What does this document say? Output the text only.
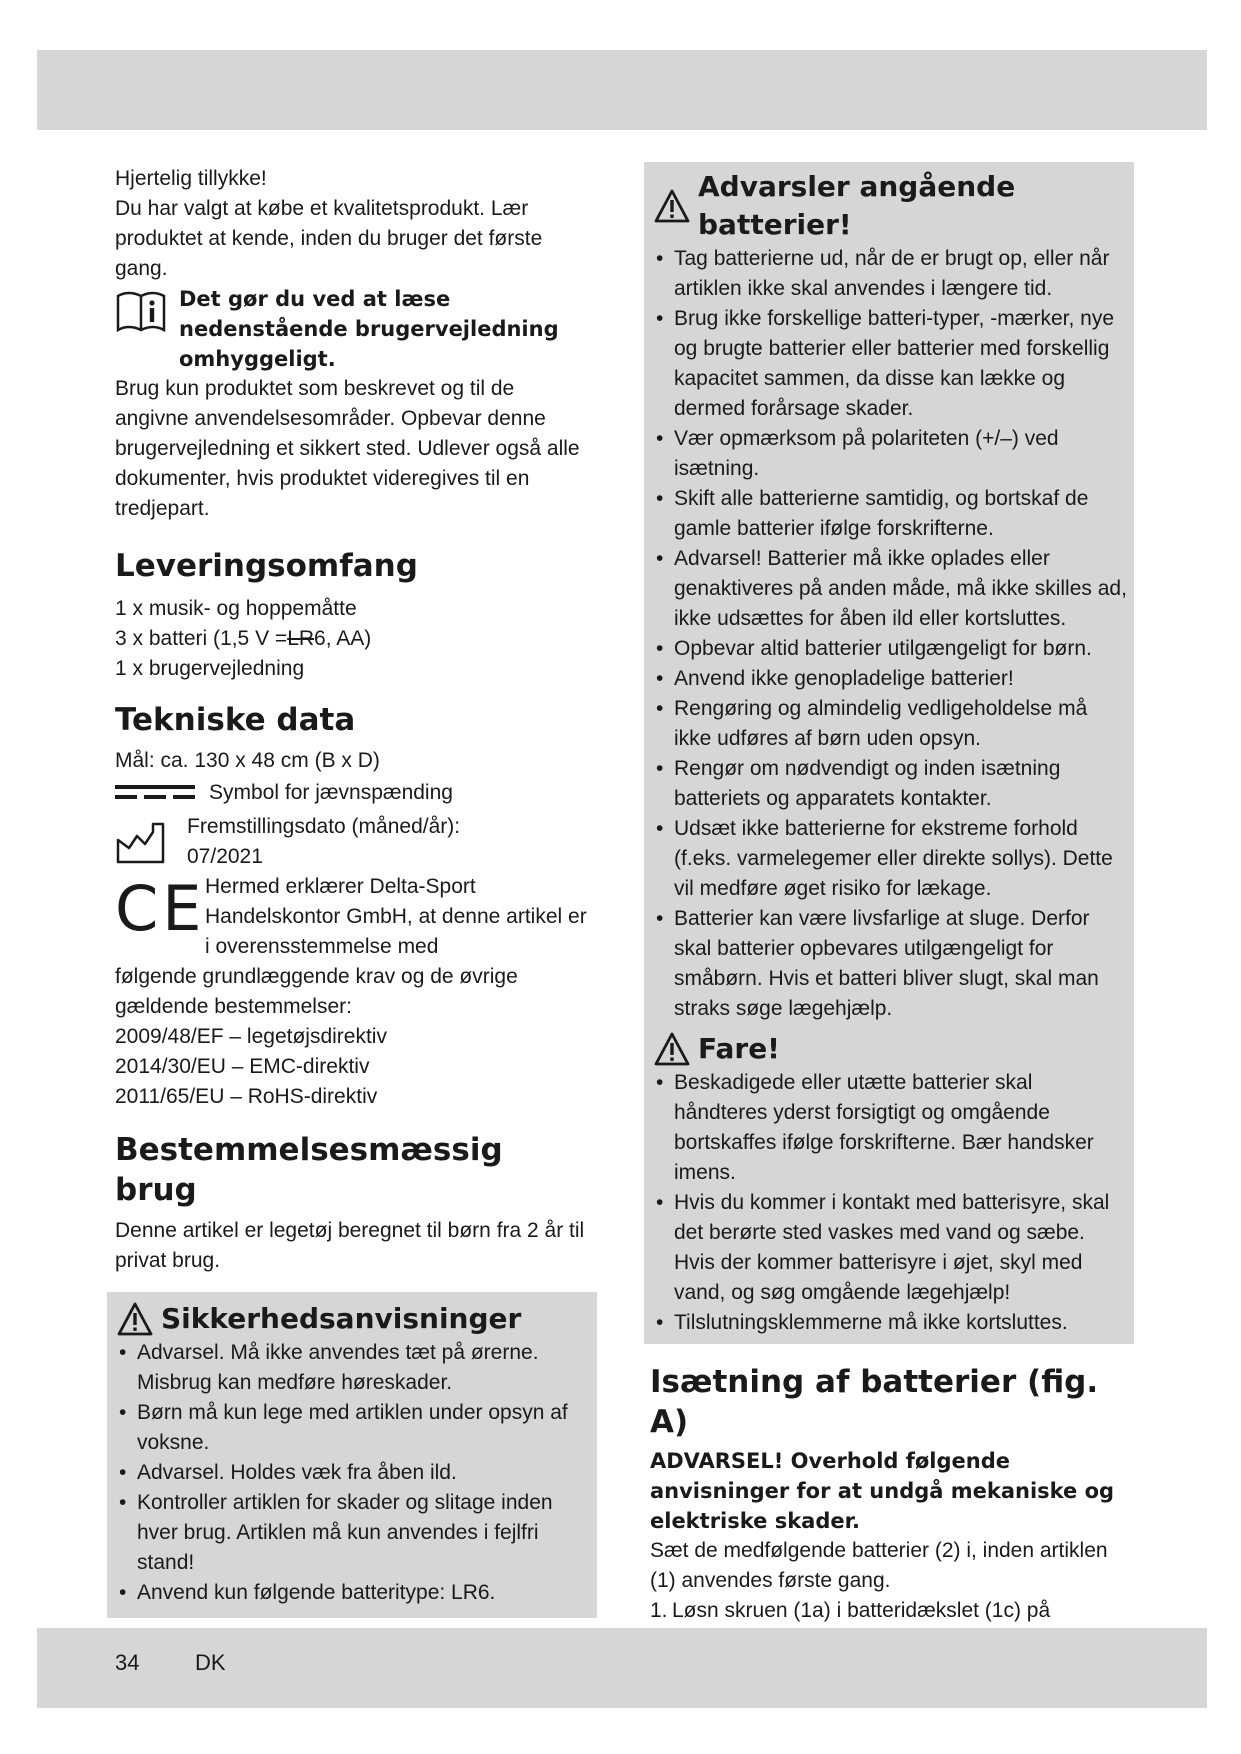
Hjertelig tillykke!

Du har valgt at købe et kvalitetsprodukt. Lær produktet at kende, inden du bruger det første gang.

Det gør du ved at læse nedenstående brugervejledning omhyggeligt.

Brug kun produktet som beskrevet og til de angivne anvendelsesområder. Opbevar denne brugervejledning et sikkert sted. Udlever også alle dokumenter, hvis produktet videregives til en tredjepart.

Leveringsomfang

1 x musik- og hoppemåtte

3 x batteri (1,5 V =LR6, AA)

1 x brugervejledning

Tekniske data

Mål: ca. 130 x 48 cm (B x D)

Symbol for jævnspænding

Fremstillingsdato (måned/år):

07/2021

CE Hermed erklærer Delta-Sport Handelskontor GmbH, at denne artikel er i overensstemmelse med

følgende grundlæggende krav og de øvrige gældende bestemmelser:

2009/48/EF – legetøjsdirektiv

2014/30/EU – EMC-direktiv

2011/65/EU – RoHS-direktiv

Bestemmelsesmæssig brug

Denne artikel er legetøj beregnet til børn fra 2 år til privat brug.

Sikkerhedsanvisninger
• Advarsel. Må ikke anvendes tæt på ørerne. Misbrug kan medføre høreskader.
• Børn må kun lege med artiklen under opsyn af voksne.
• Advarsel. Holdes væk fra åben ild.
• Kontroller artiklen for skader og slitage inden hver brug. Artiklen må kun anvendes i fejlfri stand!
• Anvend kun følgende batteritype: LR6.
Advarsler angående batterier!
• Tag batterierne ud, når de er brugt op, eller når artiklen ikke skal anvendes i længere tid.
• Brug ikke forskellige batteri-typer, -mærker, nye og brugte batterier eller batterier med forskellig kapacitet sammen, da disse kan lække og dermed forårsage skader.
• Vær opmærksom på polariteten (+/–) ved isætning.
• Skift alle batterierne samtidig, og bortskaf de gamle batterier ifølge forskrifterne.
• Advarsel! Batterier må ikke oplades eller genaktiveres på anden måde, må ikke skilles ad, ikke udsættes for åben ild eller kortsluttes.
• Opbevar altid batterier utilgængeligt for børn.
• Anvend ikke genopladelige batterier!
• Rengøring og almindelig vedligeholdelse må ikke udføres af børn uden opsyn.
• Rengør om nødvendigt og inden isætning batteriets og apparatets kontakter.
• Udsæt ikke batterierne for ekstreme forhold (f.eks. varmelegemer eller direkte sollys). Dette vil medføre øget risiko for lækage.
• Batterier kan være livsfarlige at sluge. Derfor skal batterier opbevares utilgængeligt for småbørn. Hvis et batteri bliver slugt, skal man straks søge lægehjælp.
Fare!
• Beskadigede eller utætte batterier skal håndteres yderst forsigtigt og omgående bortskaffes ifølge forskrifterne. Bær handsker imens.
• Hvis du kommer i kontakt med batterisyre, skal det berørte sted vaskes med vand og sæbe. Hvis der kommer batterisyre i øjet, skyl med vand, og søg omgående lægehjælp!
• Tilslutningsklemmerne må ikke kortsluttes.
Isætning af batterier (fig. A)

ADVARSEL! Overhold følgende anvisninger for at undgå mekaniske og elektriske skader.

Sæt de medfølgende batterier (2) i, inden artiklen (1) anvendes første gang.

1. Løsn skruen (1a) i batteridækslet (1c) på
34	DK
